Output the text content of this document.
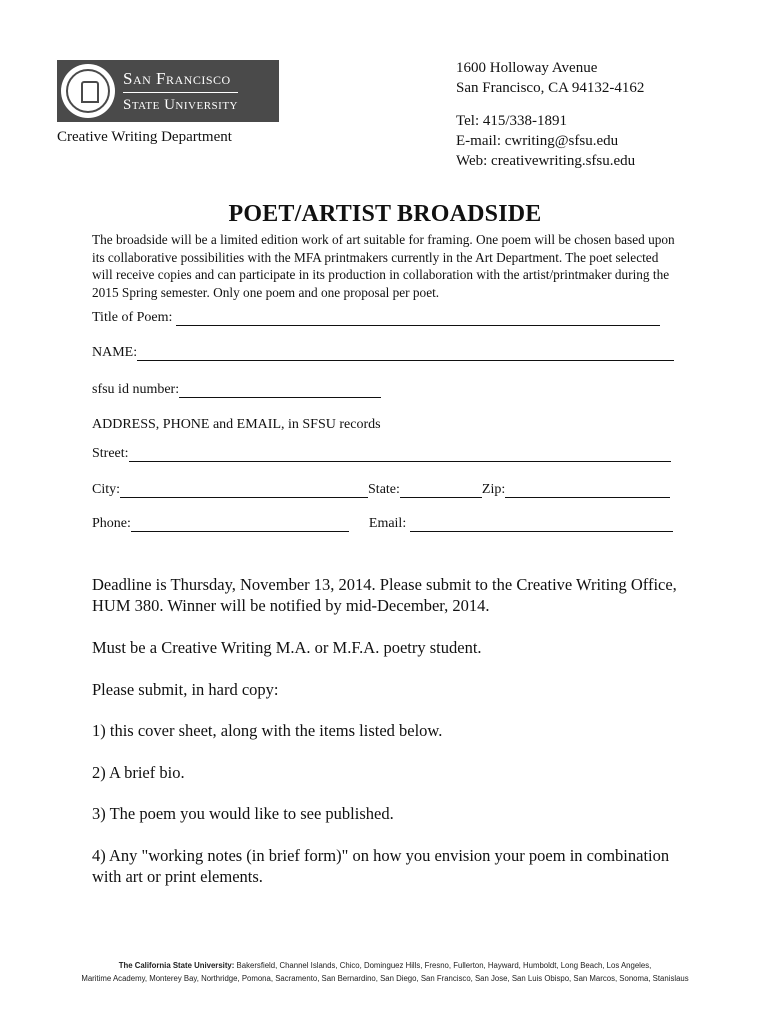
San Francisco
State University
Creative Writing Department
1600 Holloway Avenue
San Francisco, CA 94132-4162
Tel: 415/338-1891
E-mail: cwriting@sfsu.edu
Web: creativewriting.sfsu.edu
POET/ARTIST BROADSIDE
The broadside will be a limited edition work of art suitable for framing. One poem will be chosen based upon its collaborative possibilities with the MFA printmakers currently in the Art Department. The poet selected will receive copies and can participate in its production in collaboration with the artist/printmaker during the 2015 Spring semester. Only one poem and one proposal per poet.
Title of Poem:
NAME:
sfsu id number:
ADDRESS, PHONE and EMAIL, in SFSU records
Street:
City:	State:	Zip:
Phone:	Email:
Deadline is Thursday, November 13, 2014. Please submit to the Creative Writing Office, HUM 380. Winner will be notified by mid-December, 2014.
Must be a Creative Writing M.A. or M.F.A. poetry student.
Please submit, in hard copy:
1) this cover sheet, along with the items listed below.
2) A brief bio.
3) The poem you would like to see published.
4) Any "working notes (in brief form)" on how you envision your poem in combination with art or print elements.
The California State University: Bakersfield, Channel Islands, Chico, Dominguez Hills, Fresno, Fullerton, Hayward, Humboldt, Long Beach, Los Angeles,
Maritime Academy, Monterey Bay, Northridge, Pomona, Sacramento, San Bernardino, San Diego, San Francisco, San Jose, San Luis Obispo, San Marcos, Sonoma, Stanislaus
